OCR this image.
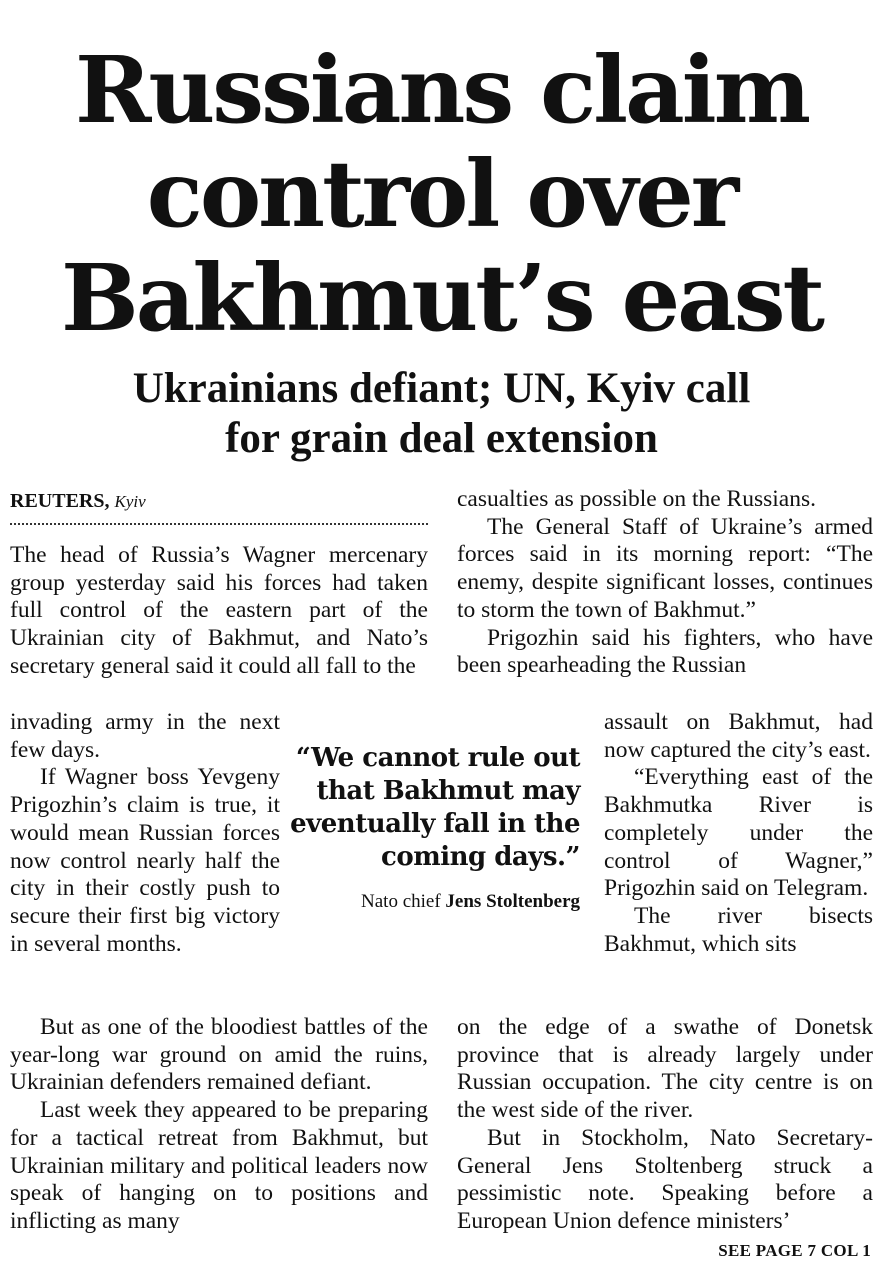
Russians claim
control over
Bakhmut’s east
Ukrainians defiant; UN, Kyiv call
for grain deal extension
REUTERS, Kyiv

The head of Russia’s Wagner mercenary group yesterday said his forces had taken full control of the eastern part of the Ukrainian city of Bakhmut, and Nato’s secretary general said it could all fall to the

invading army in the next few days.

If Wagner boss Yevgeny Prigozhin’s claim is true, it would mean Russian forces now control nearly half the city in their costly push to secure their first big victory in several months.

But as one of the bloodiest battles of the year-long war ground on amid the ruins, Ukrainian defenders remained defiant.

Last week they appeared to be preparing for a tactical retreat from Bakhmut, but Ukrainian military and political leaders now speak of hanging on to positions and inflicting as many

“We cannot rule out that Bakhmut may eventually fall in the coming days.”

Nato chief Jens Stoltenberg

casualties as possible on the Russians.

The General Staff of Ukraine’s armed forces said in its morning report: “The enemy, despite significant losses, continues to storm the town of Bakhmut.”

Prigozhin said his fighters, who have been spearheading the Russian

assault on Bakhmut, had now captured the city’s east.

“Everything east of the Bakhmutka River is completely under the control of Wagner,” Prigozhin said on Telegram.

The river bisects Bakhmut, which sits

on the edge of a swathe of Donetsk province that is already largely under Russian occupation. The city centre is on the west side of the river.

But in Stockholm, Nato Secretary-General Jens Stoltenberg struck a pessimistic note. Speaking before a European Union defence ministers’

SEE PAGE 7 COL 1
